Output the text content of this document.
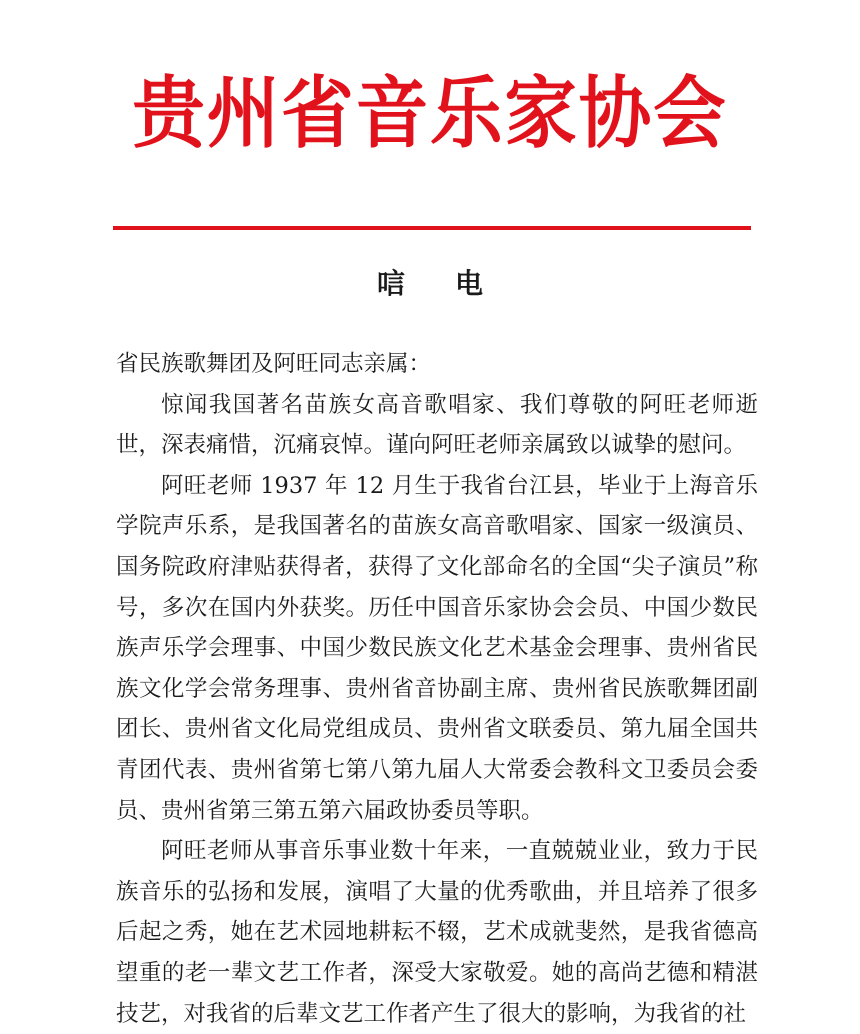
贵州省音乐家协会
唁电

省民族歌舞团及阿旺同志亲属：

惊闻我国著名苗族女高音歌唱家、我们尊敬的阿旺老师逝世，深表痛惜，沉痛哀悼。谨向阿旺老师亲属致以诚挚的慰问。

阿旺老师 1937 年 12 月生于我省台江县，毕业于上海音乐学院声乐系，是我国著名的苗族女高音歌唱家、国家一级演员、国务院政府津贴获得者，获得了文化部命名的全国“尖子演员”称号，多次在国内外获奖。历任中国音乐家协会会员、中国少数民族声乐学会理事、中国少数民族文化艺术基金会理事、贵州省民族文化学会常务理事、贵州省音协副主席、贵州省民族歌舞团副团长、贵州省文化局党组成员、贵州省文联委员、第九届全国共青团代表、贵州省第七第八第九届人大常委会教科文卫委员会委员、贵州省第三第五第六届政协委员等职。

阿旺老师从事音乐事业数十年来，一直兢兢业业，致力于民族音乐的弘扬和发展，演唱了大量的优秀歌曲，并且培养了很多后起之秀，她在艺术园地耕耘不辍，艺术成就斐然，是我省德高望重的老一辈文艺工作者，深受大家敬爱。她的高尚艺德和精湛技艺，对我省的后辈文艺工作者产生了很大的影响，为我省的社
